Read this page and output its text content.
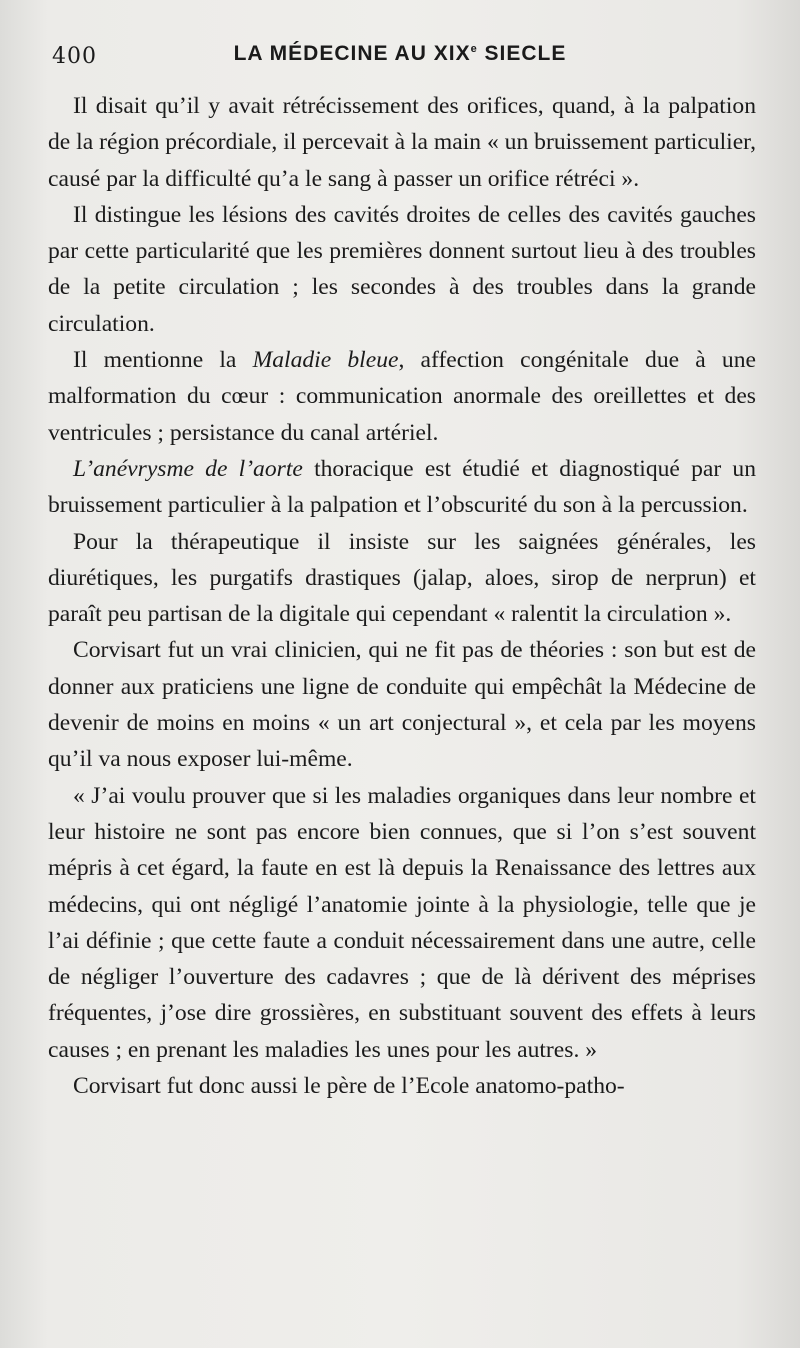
400	LA MÉDECINE AU XIXe SIECLE

Il disait qu’il y avait rétrécissement des orifices, quand, à la palpation de la région précordiale, il percevait à la main « un bruissement particulier, causé par la difficulté qu’a le sang à passer un orifice rétréci ».

Il distingue les lésions des cavités droites de celles des cavités gauches par cette particularité que les premières donnent surtout lieu à des troubles de la petite circulation ; les secondes à des troubles dans la grande circulation.

Il mentionne la Maladie bleue, affection congénitale due à une malformation du cœur : communication anormale des oreillettes et des ventricules ; persistance du canal artériel.

L’anévrysme de l’aorte thoracique est étudié et diagnostiqué par un bruissement particulier à la palpation et l’obscurité du son à la percussion.

Pour la thérapeutique il insiste sur les saignées générales, les diurétiques, les purgatifs drastiques (jalap, aloes, sirop de nerprun) et paraît peu partisan de la digitale qui cependant « ralentit la circulation ».

Corvisart fut un vrai clinicien, qui ne fit pas de théories : son but est de donner aux praticiens une ligne de conduite qui empêchât la Médecine de devenir de moins en moins « un art conjectural », et cela par les moyens qu’il va nous exposer lui-même.

« J’ai voulu prouver que si les maladies organiques dans leur nombre et leur histoire ne sont pas encore bien connues, que si l’on s’est souvent mépris à cet égard, la faute en est là depuis la Renaissance des lettres aux médecins, qui ont négligé l’anatomie jointe à la physiologie, telle que je l’ai définie ; que cette faute a conduit nécessairement dans une autre, celle de négliger l’ouverture des cadavres ; que de là dérivent des méprises fréquentes, j’ose dire grossières, en substituant souvent des effets à leurs causes ; en prenant les maladies les unes pour les autres. »

Corvisart fut donc aussi le père de l’Ecole anatomo-patho-
